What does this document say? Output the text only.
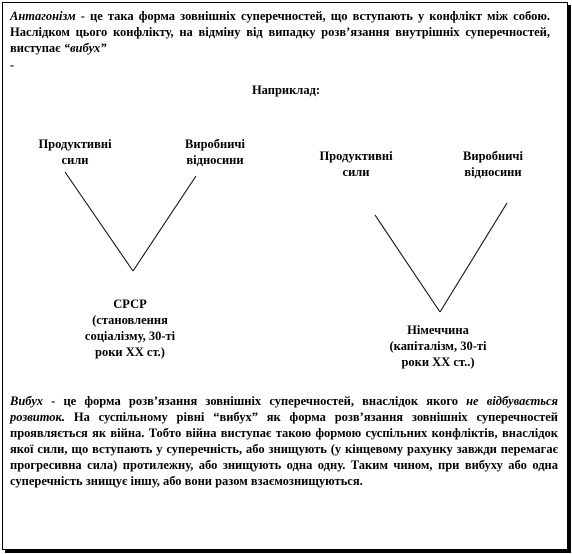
Антагонізм - це така форма зовнішніх суперечностей, що вступають у конфлікт між собою. Наслідком цього конфлікту, на відміну від випадку розв’язання внутрішніх суперечностей, виступає “вибух”
-
Наприклад:
Продуктивні
сили
Виробничі
відносини
СРСР
(становлення
соціалізму, 30-ті
роки ХХ ст.)
Продуктивні
сили
Виробничі
відносини
Німеччина
(капіталізм, 30-ті
роки ХХ ст..)
Вибух - це форма розв’язання зовнішніх суперечностей, внаслідок якого не відбувається розвиток. На суспільному рівні “вибух” як форма розв’язання зовнішніх суперечностей проявляється як війна. Тобто війна виступає такою формою суспільних конфліктів, внаслідок якої сили, що вступають у суперечність, або знищують (у кінцевому рахунку завжди перемагає прогресивна сила) протилежну, або знищують одна одну. Таким чином, при вибуху або одна суперечність знищує іншу, або вони разом взаємознищуються.
